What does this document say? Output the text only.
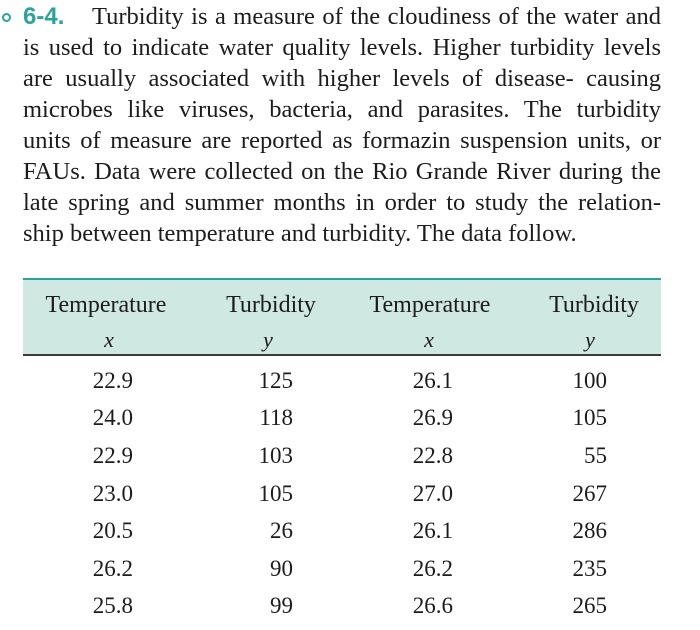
6-4. Turbidity is a measure of the cloudiness of the water and
is used to indicate water quality levels. Higher turbidity levels
are usually associated with higher levels of disease- causing
microbes like viruses, bacteria, and parasites. The turbidity
units of measure are reported as formazin suspension units, or
FAUs. Data were collected on the Rio Grande River during the
late spring and summer months in order to study the relation-
ship between temperature and turbidity. The data follow.
Temperature	Turbidity	Temperature	Turbidity
x	y	x	y
22.9	125	26.1	100
24.0	118	26.9	105
22.9	103	22.8	55
23.0	105	27.0	267
20.5	26	26.1	286
26.2	90	26.2	235
25.8	99	26.6	265
